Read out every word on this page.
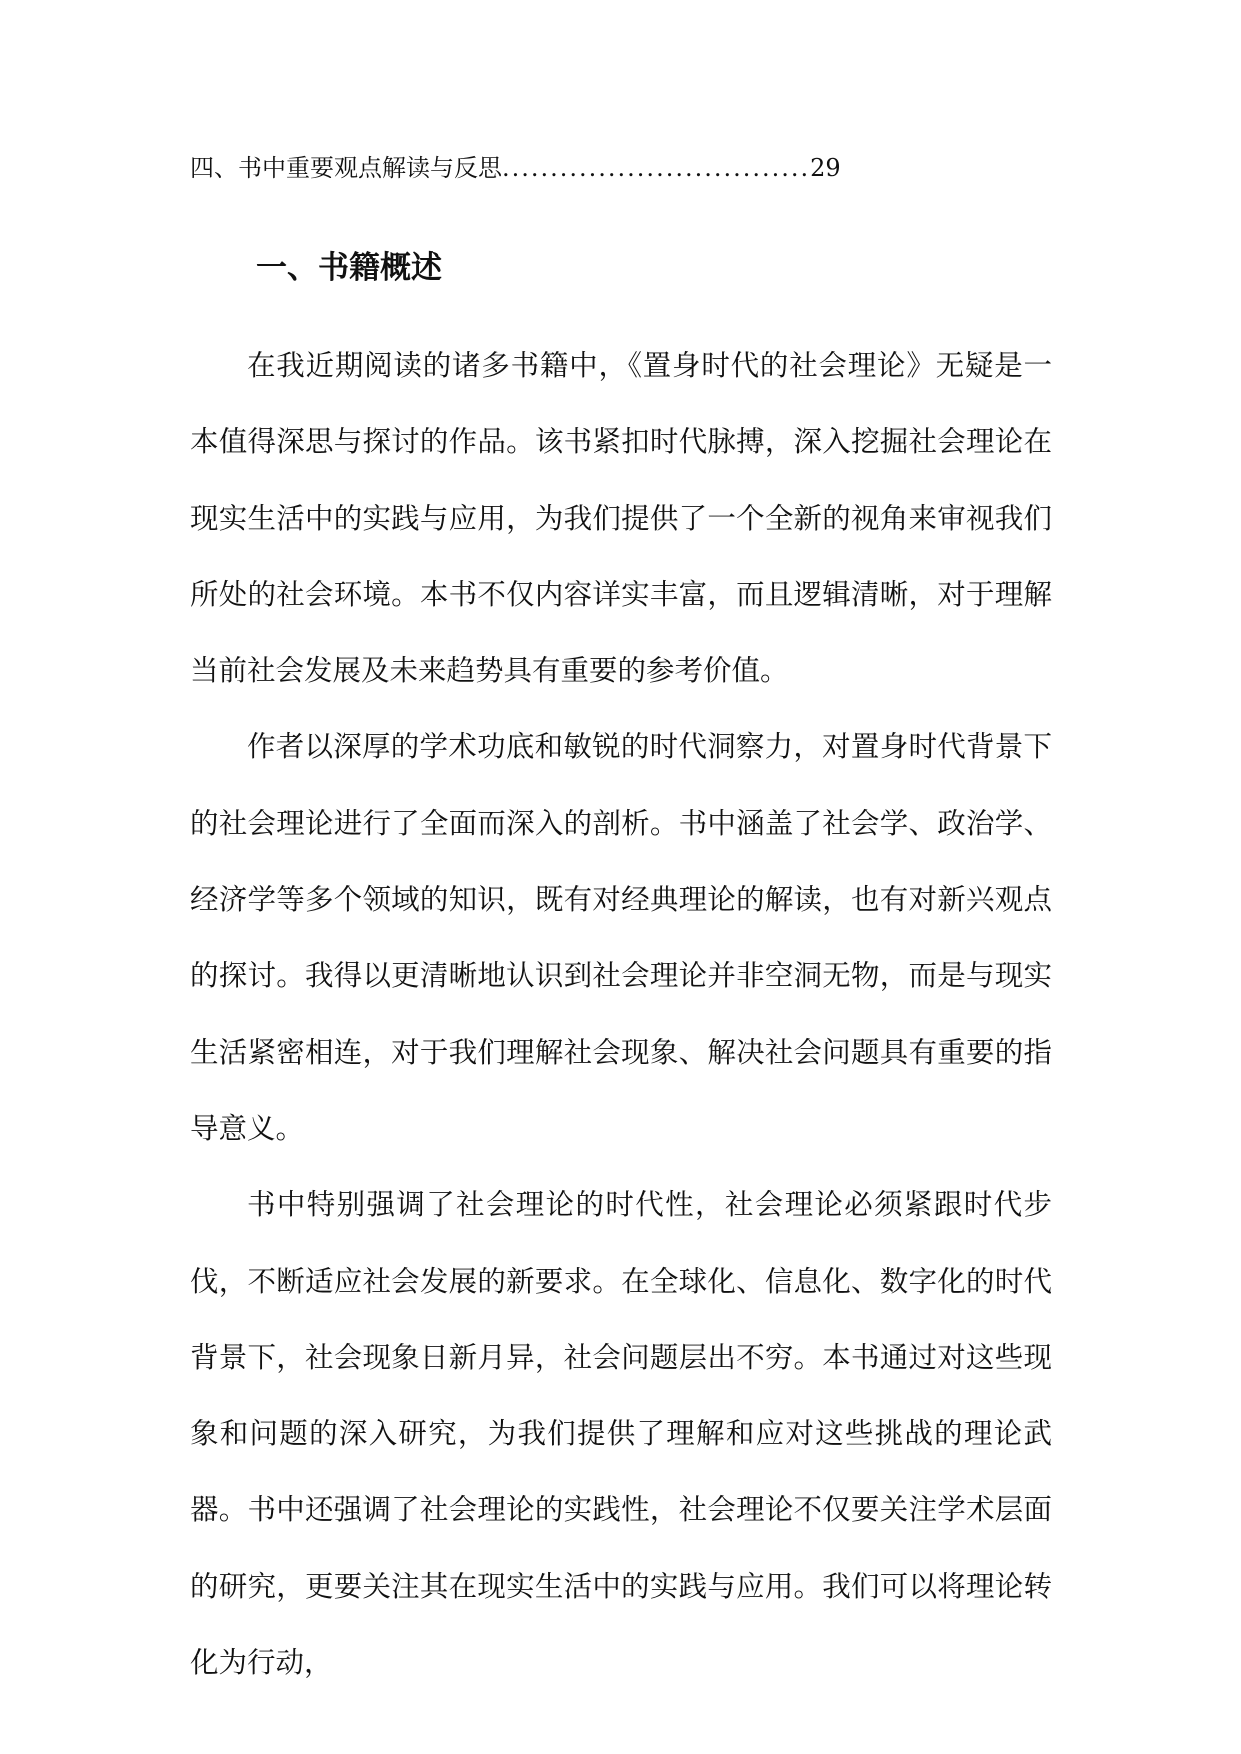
四、书中重要观点解读与反思................................29
一、书籍概述

在我近期阅读的诸多书籍中，《置身时代的社会理论》无疑是一本值得深思与探讨的作品。该书紧扣时代脉搏，深入挖掘社会理论在现实生活中的实践与应用，为我们提供了一个全新的视角来审视我们所处的社会环境。本书不仅内容详实丰富，而且逻辑清晰，对于理解当前社会发展及未来趋势具有重要的参考价值。

作者以深厚的学术功底和敏锐的时代洞察力，对置身时代背景下的社会理论进行了全面而深入的剖析。书中涵盖了社会学、政治学、经济学等多个领域的知识，既有对经典理论的解读，也有对新兴观点的探讨。我得以更清晰地认识到社会理论并非空洞无物，而是与现实生活紧密相连，对于我们理解社会现象、解决社会问题具有重要的指导意义。

书中特别强调了社会理论的时代性，社会理论必须紧跟时代步伐，不断适应社会发展的新要求。在全球化、信息化、数字化的时代背景下，社会现象日新月异，社会问题层出不穷。本书通过对这些现象和问题的深入研究，为我们提供了理解和应对这些挑战的理论武器。书中还强调了社会理论的实践性，社会理论不仅要关注学术层面的研究，更要关注其在现实生活中的实践与应用。我们可以将理论转化为行动，
